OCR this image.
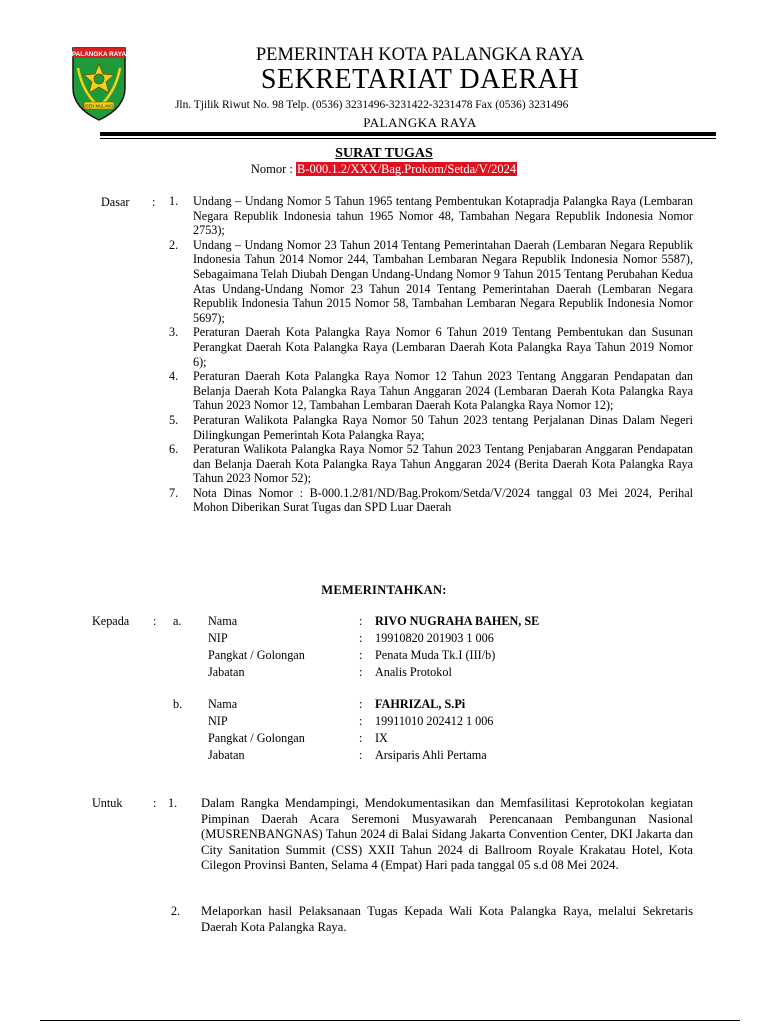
PALANGKA RAYA
ISEN MULANG
PEMERINTAH KOTA PALANGKA RAYA
SEKRETARIAT DAERAH
Jln. Tjilik Riwut No. 98 Telp. (0536) 3231496-3231422-3231478 Fax (0536) 3231496
PALANGKA RAYA
SURAT TUGAS
Nomor : B-000.1.2/XXX/Bag.Prokom/Setda/V/2024
Dasar : 1.	Undang – Undang Nomor 5 Tahun 1965 tentang Pembentukan Kotapradja Palangka Raya (Lembaran Negara Republik Indonesia tahun 1965 Nomor 48, Tambahan Negara Republik Indonesia Nomor 2753);
2.	Undang – Undang Nomor 23 Tahun 2014 Tentang Pemerintahan Daerah (Lembaran Negara Republik Indonesia Tahun 2014 Nomor 244, Tambahan Lembaran Negara Republik Indonesia Nomor 5587), Sebagaimana Telah Diubah Dengan Undang-Undang Nomor 9 Tahun 2015 Tentang Perubahan Kedua Atas Undang-Undang Nomor 23 Tahun 2014 Tentang Pemerintahan Daerah (Lembaran Negara Republik Indonesia Tahun 2015 Nomor 58, Tambahan Lembaran Negara Republik Indonesia Nomor 5697);
3.	Peraturan Daerah Kota Palangka Raya Nomor 6 Tahun 2019 Tentang Pembentukan dan Susunan Perangkat Daerah Kota Palangka Raya (Lembaran Daerah Kota Palangka Raya Tahun 2019 Nomor 6);
4.	Peraturan Daerah Kota Palangka Raya Nomor 12 Tahun 2023 Tentang Anggaran Pendapatan dan Belanja Daerah Kota Palangka Raya Tahun Anggaran 2024 (Lembaran Daerah Kota Palangka Raya Tahun 2023 Nomor 12, Tambahan Lembaran Daerah Kota Palangka Raya Nomor 12);
5.	Peraturan Walikota Palangka Raya Nomor 50 Tahun 2023 tentang Perjalanan Dinas Dalam Negeri Dilingkungan Pemerintah Kota Palangka Raya;
6.	Peraturan Walikota Palangka Raya Nomor 52 Tahun 2023 Tentang Penjabaran Anggaran Pendapatan dan Belanja Daerah Kota Palangka Raya Tahun Anggaran 2024 (Berita Daerah Kota Palangka Raya Tahun 2023 Nomor 52);
7.	Nota Dinas Nomor : B-000.1.2/81/ND/Bag.Prokom/Setda/V/2024 tanggal 03 Mei 2024, Perihal Mohon Diberikan Surat Tugas dan SPD Luar Daerah
MEMERINTAHKAN:
Kepada : a. Nama	: RIVO NUGRAHA BAHEN, SE
NIP	: 19910820 201903 1 006
Pangkat / Golongan	: Penata Muda Tk.I (III/b)
Jabatan	: Analis Protokol
b. Nama	: FAHRIZAL, S.Pi
NIP	: 19911010 202412 1 006
Pangkat / Golongan	: IX
Jabatan	: Arsiparis Ahli Pertama
Untuk	: 1. Dalam Rangka Mendampingi, Mendokumentasikan dan Memfasilitasi Keprotokolan kegiatan Pimpinan Daerah Acara Seremoni Musyawarah Perencanaan Pembangunan Nasional (MUSRENBANGNAS) Tahun 2024 di Balai Sidang Jakarta Convention Center, DKI Jakarta dan City Sanitation Summit (CSS) XXII Tahun 2024 di Ballroom Royale Krakatau Hotel, Kota Cilegon Provinsi Banten, Selama 4 (Empat) Hari pada tanggal 05 s.d 08 Mei 2024.
2. Melaporkan hasil Pelaksanaan Tugas Kepada Wali Kota Palangka Raya, melalui Sekretaris Daerah Kota Palangka Raya.
